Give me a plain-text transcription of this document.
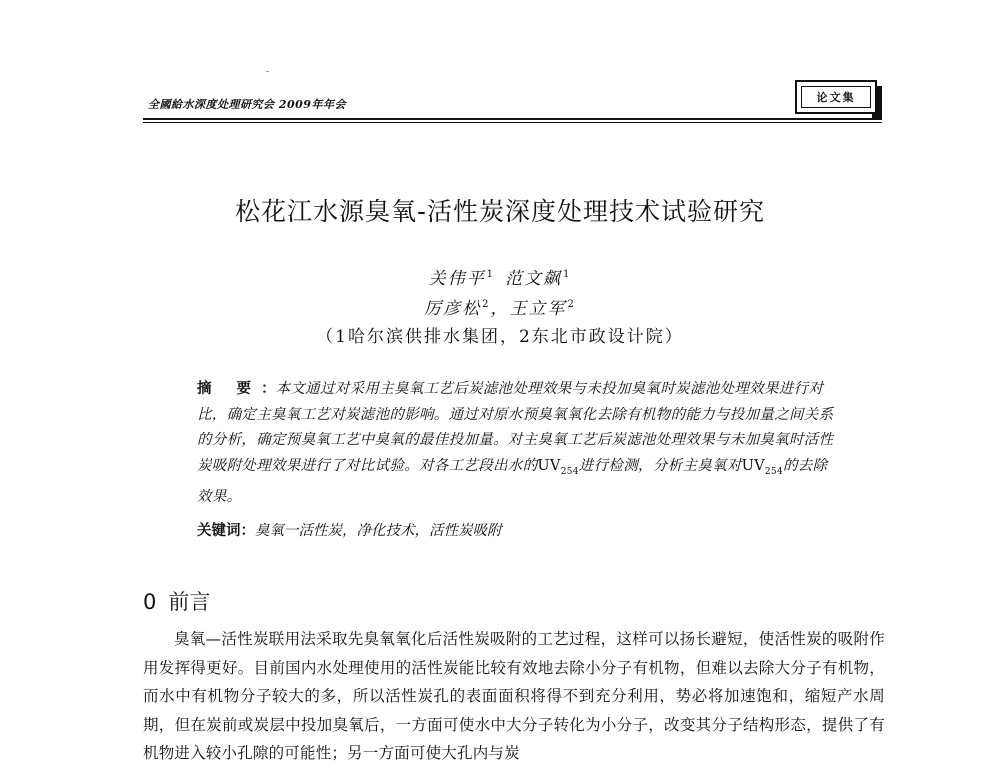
全國給水深度处理研究会 2009年年会
论文集
松花江水源臭氧-活性炭深度处理技术试验研究
关伟平$^1$ 范文飙$^1$
厉彦松$^2$，王立军$^2$
（1哈尔滨供排水集团，2东北市政设计院）
摘 要：本文通过对采用主臭氧工艺后炭滤池处理效果与未投加臭氧时炭滤池处理效果进行对比，确定主臭氧工艺对炭滤池的影响。通过对原水预臭氧氧化去除有机物的能力与投加量之间关系的分析，确定预臭氧工艺中臭氧的最佳投加量。对主臭氧工艺后炭滤池处理效果与未加臭氧时活性炭吸附处理效果进行了对比试验。对各工艺段出水的$UV_{254}$进行检测，分析主臭氧对$UV_{254}$的去除效果。
关键词：臭氧一活性炭，净化技术，活性炭吸附
0 前言

臭氧—活性炭联用法采取先臭氧氧化后活性炭吸附的工艺过程，这样可以扬长避短，使活性炭的吸附作用发挥得更好。目前国内水处理使用的活性炭能比较有效地去除小分子有机物，但难以去除大分子有机物，而水中有机物分子较大的多，所以活性炭孔的表面面积将得不到充分利用，势必将加速饱和，缩短产水周期，但在炭前或炭层中投加臭氧后，一方面可使水中大分子转化为小分子，改变其分子结构形态，提供了有机物进入较小孔隙的可能性；另一方面可使大孔内与炭
